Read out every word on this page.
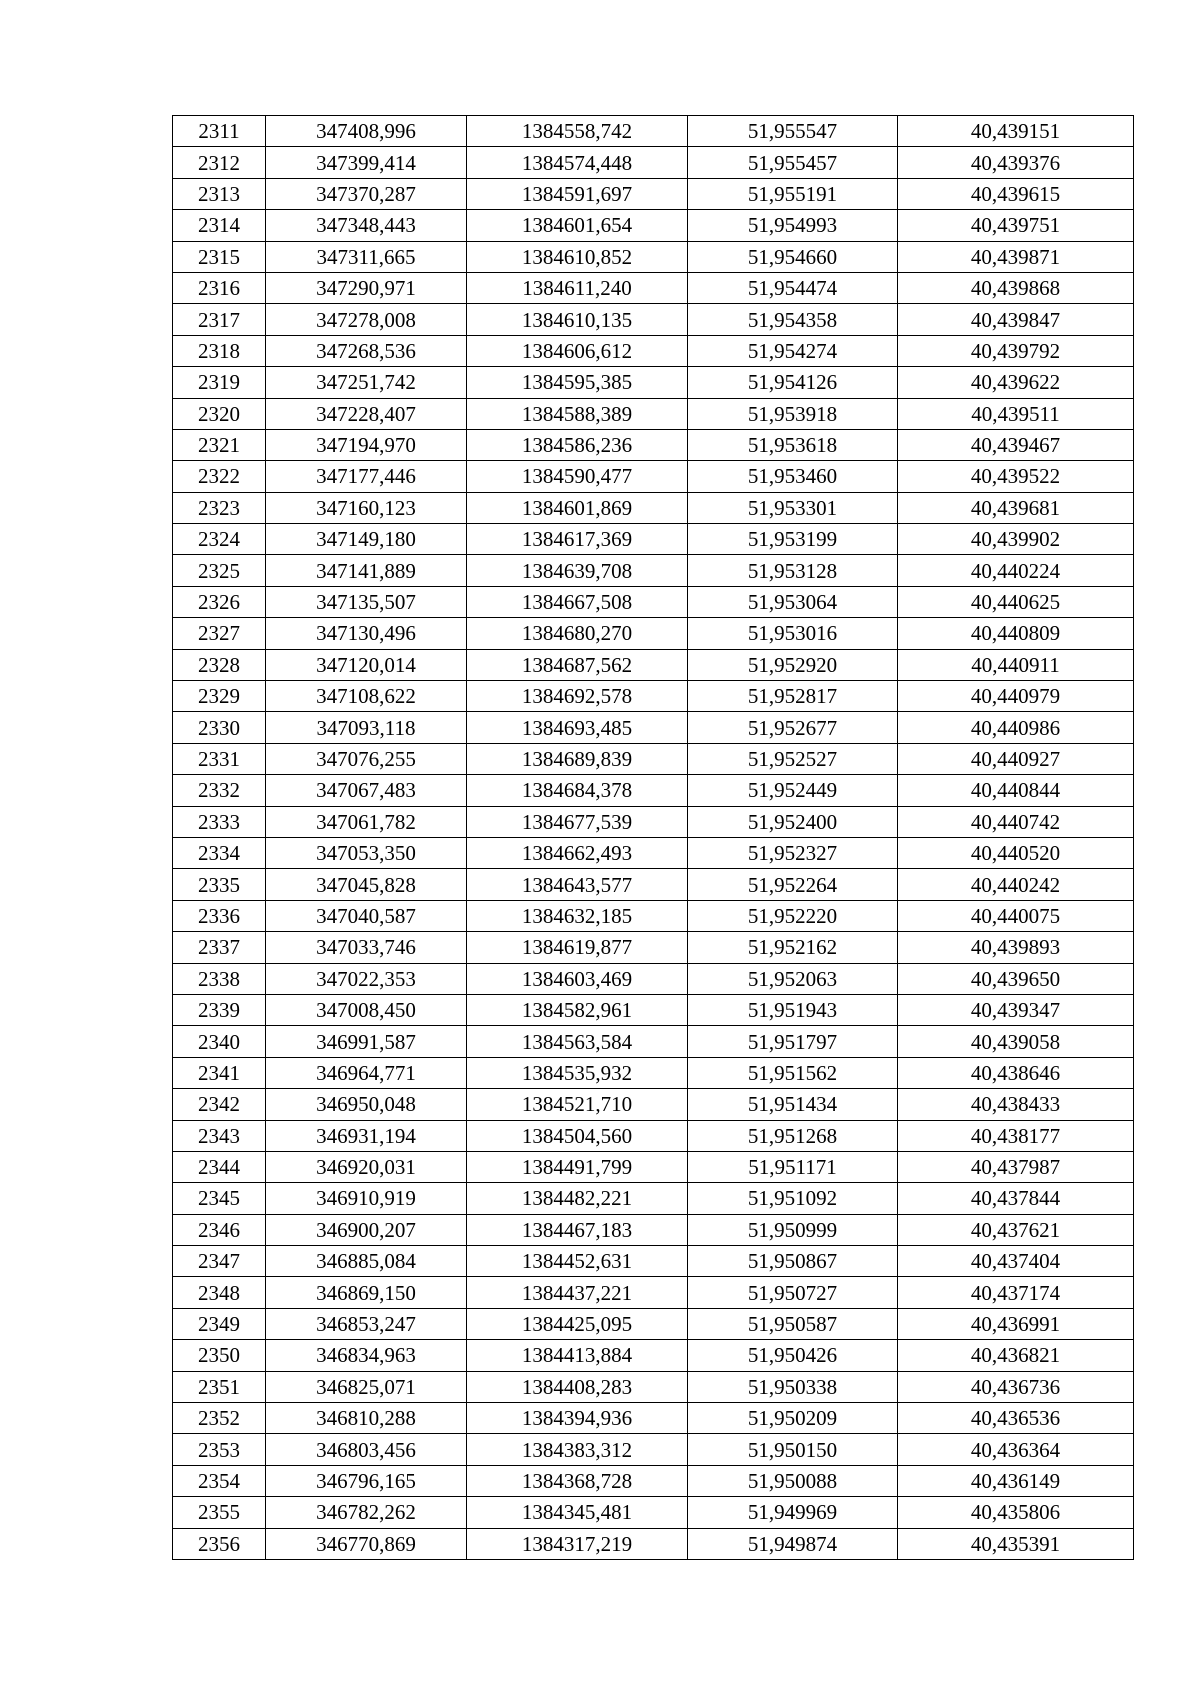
2311	347408,996	1384558,742	51,955547	40,439151
2312	347399,414	1384574,448	51,955457	40,439376
2313	347370,287	1384591,697	51,955191	40,439615
2314	347348,443	1384601,654	51,954993	40,439751
2315	347311,665	1384610,852	51,954660	40,439871
2316	347290,971	1384611,240	51,954474	40,439868
2317	347278,008	1384610,135	51,954358	40,439847
2318	347268,536	1384606,612	51,954274	40,439792
2319	347251,742	1384595,385	51,954126	40,439622
2320	347228,407	1384588,389	51,953918	40,439511
2321	347194,970	1384586,236	51,953618	40,439467
2322	347177,446	1384590,477	51,953460	40,439522
2323	347160,123	1384601,869	51,953301	40,439681
2324	347149,180	1384617,369	51,953199	40,439902
2325	347141,889	1384639,708	51,953128	40,440224
2326	347135,507	1384667,508	51,953064	40,440625
2327	347130,496	1384680,270	51,953016	40,440809
2328	347120,014	1384687,562	51,952920	40,440911
2329	347108,622	1384692,578	51,952817	40,440979
2330	347093,118	1384693,485	51,952677	40,440986
2331	347076,255	1384689,839	51,952527	40,440927
2332	347067,483	1384684,378	51,952449	40,440844
2333	347061,782	1384677,539	51,952400	40,440742
2334	347053,350	1384662,493	51,952327	40,440520
2335	347045,828	1384643,577	51,952264	40,440242
2336	347040,587	1384632,185	51,952220	40,440075
2337	347033,746	1384619,877	51,952162	40,439893
2338	347022,353	1384603,469	51,952063	40,439650
2339	347008,450	1384582,961	51,951943	40,439347
2340	346991,587	1384563,584	51,951797	40,439058
2341	346964,771	1384535,932	51,951562	40,438646
2342	346950,048	1384521,710	51,951434	40,438433
2343	346931,194	1384504,560	51,951268	40,438177
2344	346920,031	1384491,799	51,951171	40,437987
2345	346910,919	1384482,221	51,951092	40,437844
2346	346900,207	1384467,183	51,950999	40,437621
2347	346885,084	1384452,631	51,950867	40,437404
2348	346869,150	1384437,221	51,950727	40,437174
2349	346853,247	1384425,095	51,950587	40,436991
2350	346834,963	1384413,884	51,950426	40,436821
2351	346825,071	1384408,283	51,950338	40,436736
2352	346810,288	1384394,936	51,950209	40,436536
2353	346803,456	1384383,312	51,950150	40,436364
2354	346796,165	1384368,728	51,950088	40,436149
2355	346782,262	1384345,481	51,949969	40,435806
2356	346770,869	1384317,219	51,949874	40,435391
